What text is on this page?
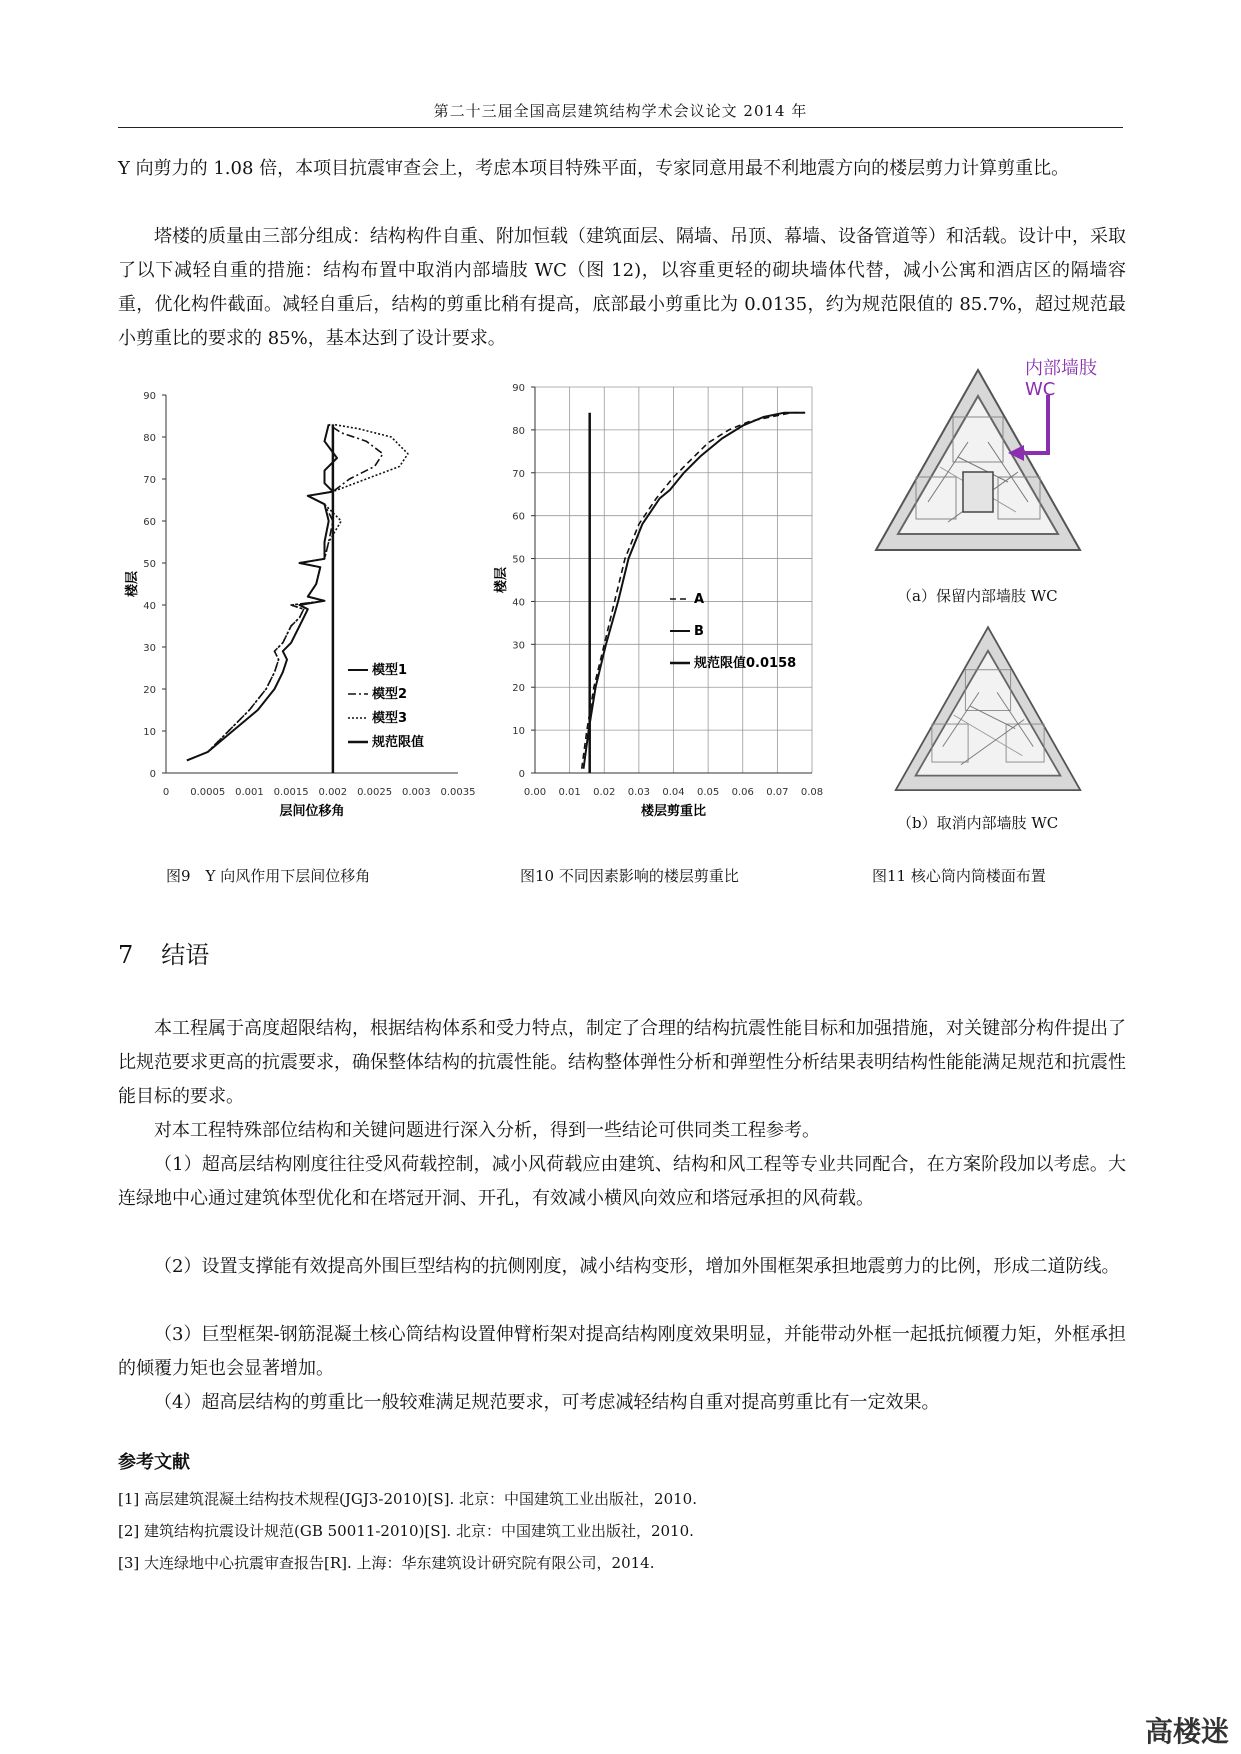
第二十三届全国高层建筑结构学术会议论文 2014 年

Y 向剪力的 1.08 倍，本项目抗震审查会上，考虑本项目特殊平面，专家同意用最不利地震方向的楼层剪力计算剪重比。

塔楼的质量由三部分组成：结构构件自重、附加恒载（建筑面层、隔墙、吊顶、幕墙、设备管道等）和活载。设计中，采取了以下减轻自重的措施：结构布置中取消内部墙肢 WC（图 12)，以容重更轻的砌块墙体代替，减小公寓和酒店区的隔墙容重，优化构件截面。减轻自重后，结构的剪重比稍有提高，底部最小剪重比为 0.0135，约为规范限值的 85.7%，超过规范最小剪重比的要求的 85%，基本达到了设计要求。

0 0.0005 0.001 0.0015 0.002 0.0025 0.003 0.0035
0
10
20
30
40
50
60
70
80
90
层间位移角
楼层
模型1
模型2
模型3
规范限值
0.00 0.01 0.02 0.03 0.04 0.05 0.06 0.07 0.08
0
10
20
30
40
50
60
70
80
90
楼层剪重比
楼层
A
B
规范限值0.0158
内部墙肢
WC
（a）保留内部墙肢 WC
（b）取消内部墙肢 WC
图9　Y 向风作用下层间位移角	图10 不同因素影响的楼层剪重比	图11 核心筒内筒楼面布置
7 结语

本工程属于高度超限结构，根据结构体系和受力特点，制定了合理的结构抗震性能目标和加强措施，对关键部分构件提出了比规范要求更高的抗震要求，确保整体结构的抗震性能。结构整体弹性分析和弹塑性分析结果表明结构性能能满足规范和抗震性能目标的要求。

对本工程特殊部位结构和关键问题进行深入分析，得到一些结论可供同类工程参考。

（1）超高层结构刚度往往受风荷载控制，减小风荷载应由建筑、结构和风工程等专业共同配合，在方案阶段加以考虑。大连绿地中心通过建筑体型优化和在塔冠开洞、开孔，有效减小横风向效应和塔冠承担的风荷载。

（2）设置支撑能有效提高外围巨型结构的抗侧刚度，减小结构变形，增加外围框架承担地震剪力的比例，形成二道防线。

（3）巨型框架-钢筋混凝土核心筒结构设置伸臂桁架对提高结构刚度效果明显，并能带动外框一起抵抗倾覆力矩，外框承担的倾覆力矩也会显著增加。

（4）超高层结构的剪重比一般较难满足规范要求，可考虑减轻结构自重对提高剪重比有一定效果。

参考文献
[1] 高层建筑混凝土结构技术规程(JGJ3-2010)[S]. 北京：中国建筑工业出版社，2010.
[2] 建筑结构抗震设计规范(GB 50011-2010)[S]. 北京：中国建筑工业出版社，2010.
[3] 大连绿地中心抗震审查报告[R]. 上海：华东建筑设计研究院有限公司，2014.
高楼迷
